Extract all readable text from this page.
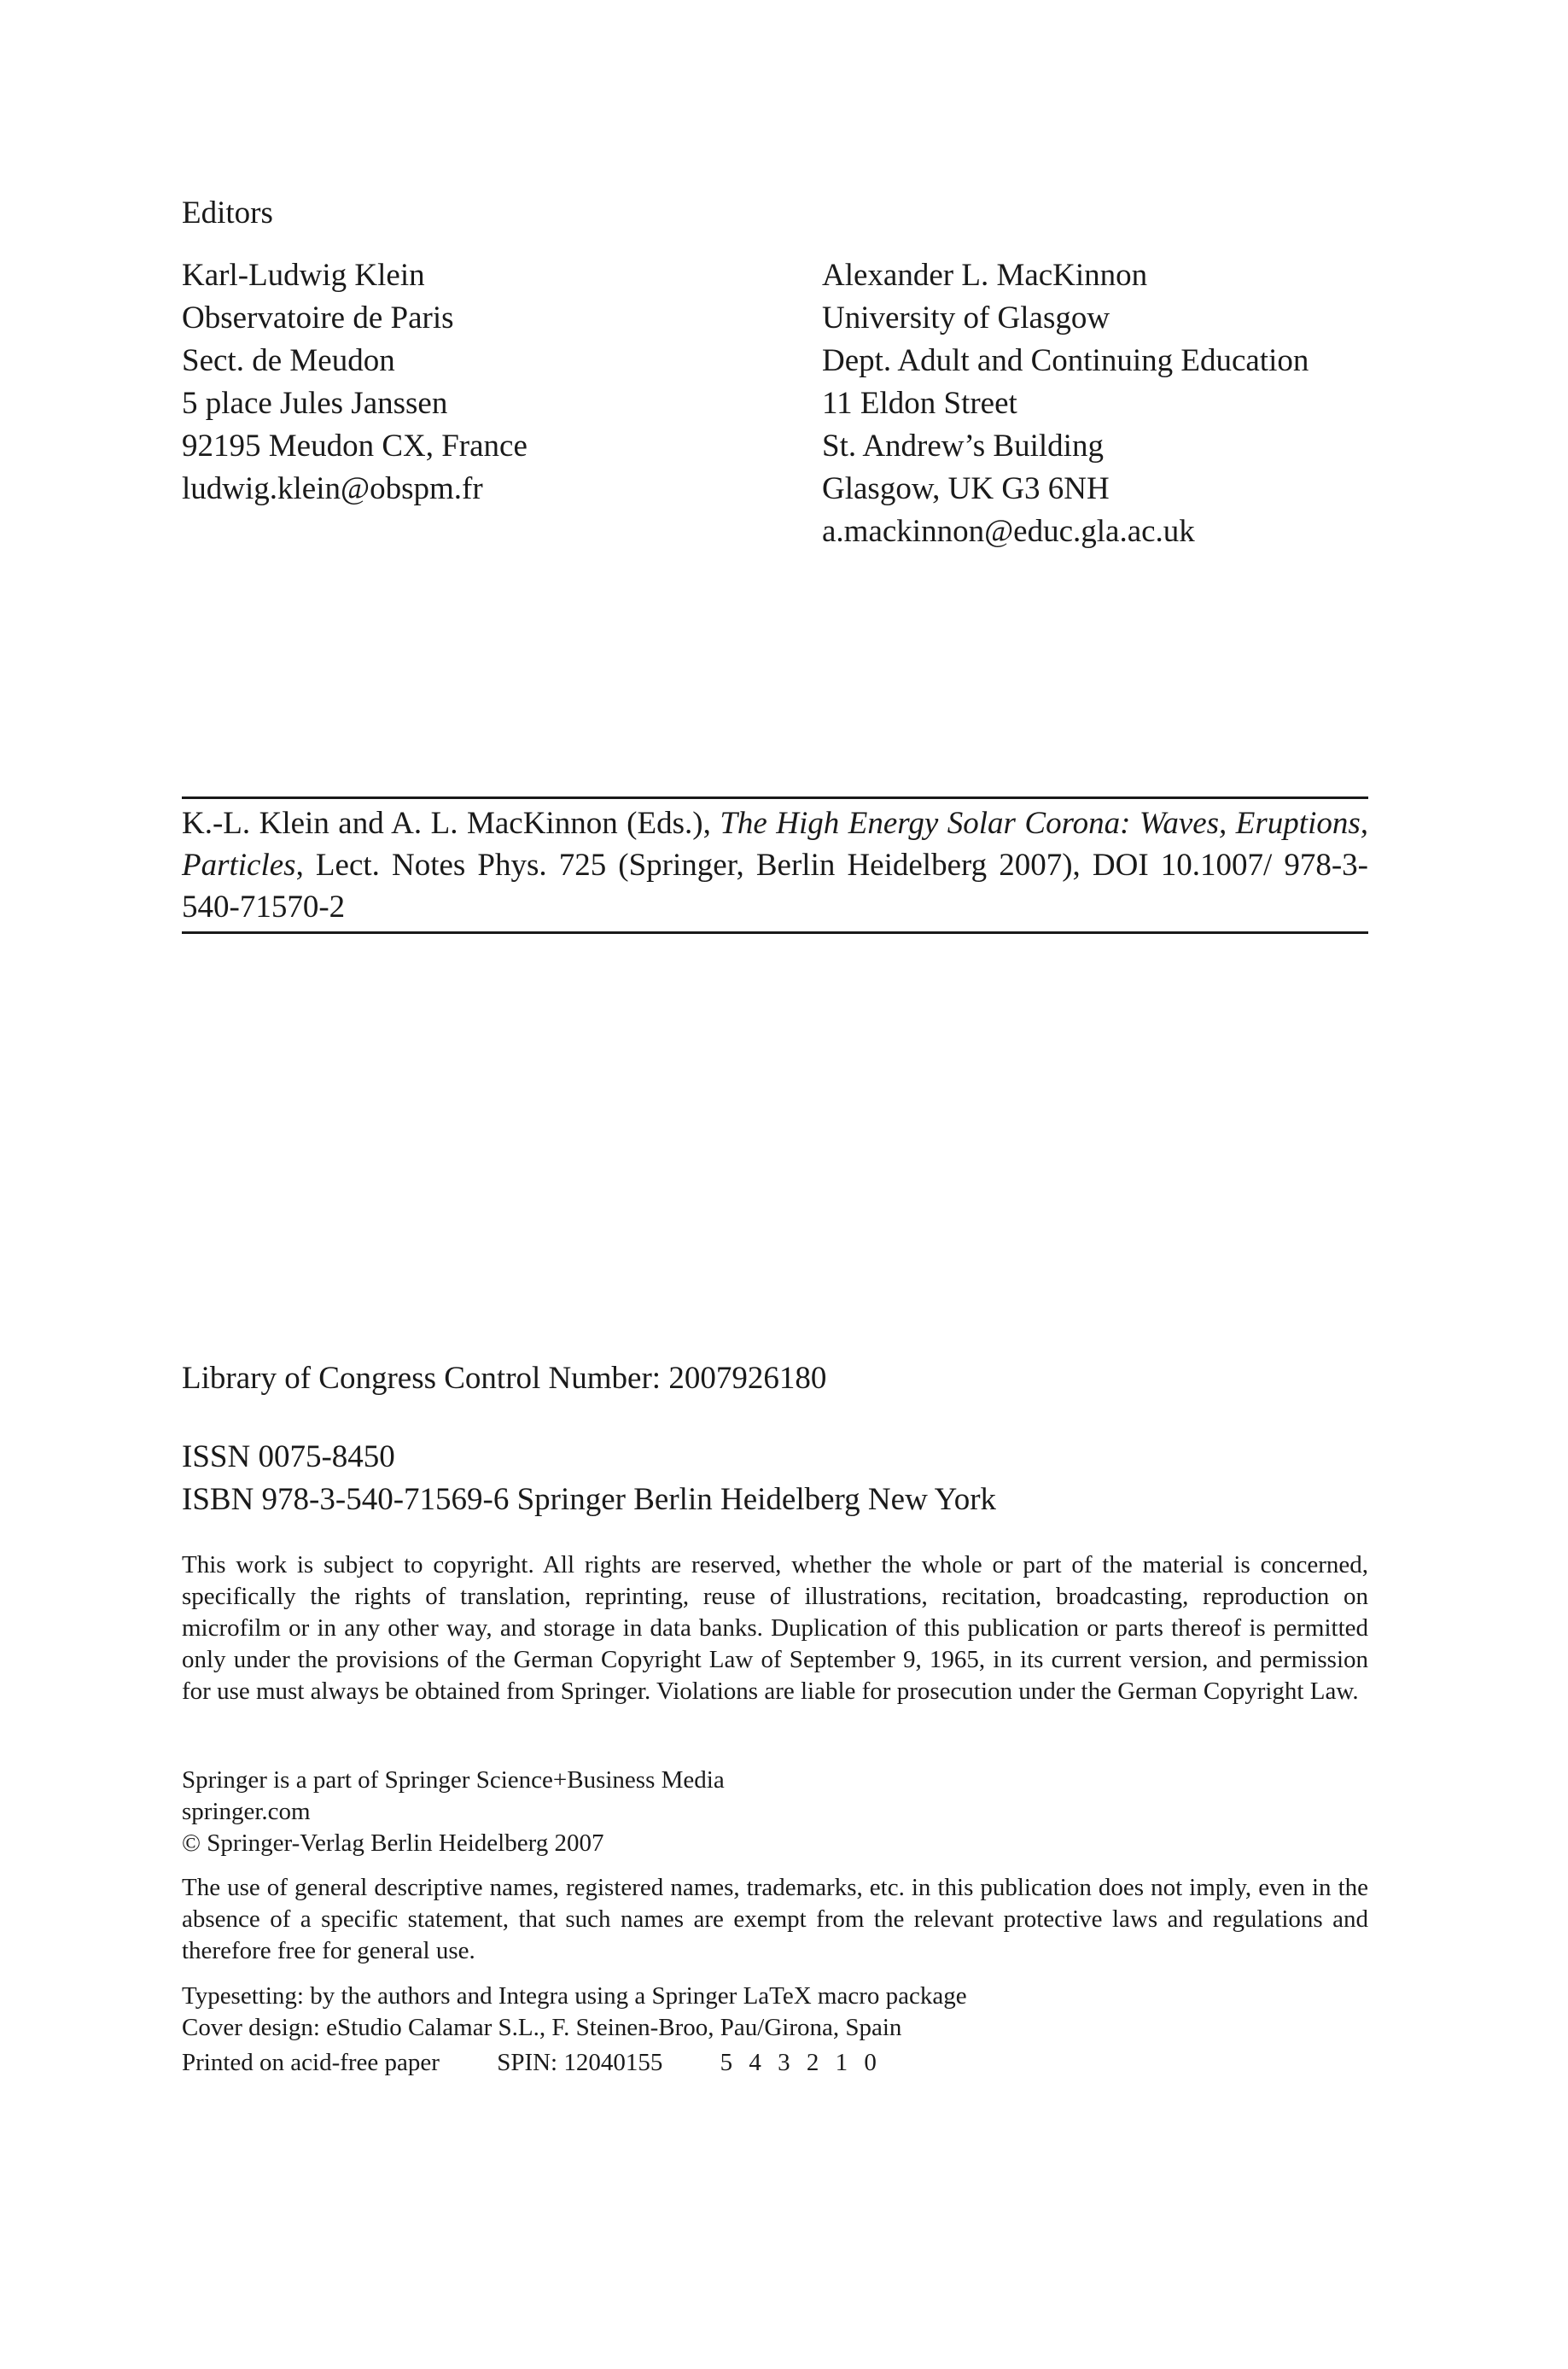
Editors
Karl-Ludwig Klein
Observatoire de Paris
Sect. de Meudon
5 place Jules Janssen
92195 Meudon CX, France
ludwig.klein@obspm.fr
Alexander L. MacKinnon
University of Glasgow
Dept. Adult and Continuing Education
11 Eldon Street
St. Andrew’s Building
Glasgow, UK G3 6NH
a.mackinnon@educ.gla.ac.uk
K.-L. Klein and A. L. MacKinnon (Eds.), The High Energy Solar Corona: Waves, Eruptions, Particles, Lect. Notes Phys. 725 (Springer, Berlin Heidelberg 2007), DOI 10.1007/ 978-3-540-71570-2
Library of Congress Control Number: 2007926180
ISSN 0075-8450
ISBN 978-3-540-71569-6 Springer Berlin Heidelberg New York
This work is subject to copyright. All rights are reserved, whether the whole or part of the material is concerned, specifically the rights of translation, reprinting, reuse of illustrations, recitation, broadcasting, reproduction on microfilm or in any other way, and storage in data banks. Duplication of this publication or parts thereof is permitted only under the provisions of the German Copyright Law of September 9, 1965, in its current version, and permission for use must always be obtained from Springer. Violations are liable for prosecution under the German Copyright Law.
Springer is a part of Springer Science+Business Media
springer.com
© Springer-Verlag Berlin Heidelberg 2007
The use of general descriptive names, registered names, trademarks, etc. in this publication does not imply, even in the absence of a specific statement, that such names are exempt from the relevant protective laws and regulations and therefore free for general use.
Typesetting: by the authors and Integra using a Springer LaTeX macro package
Cover design: eStudio Calamar S.L., F. Steinen-Broo, Pau/Girona, Spain
Printed on acid-free paper SPIN: 12040155 5 4 3 2 1 0
